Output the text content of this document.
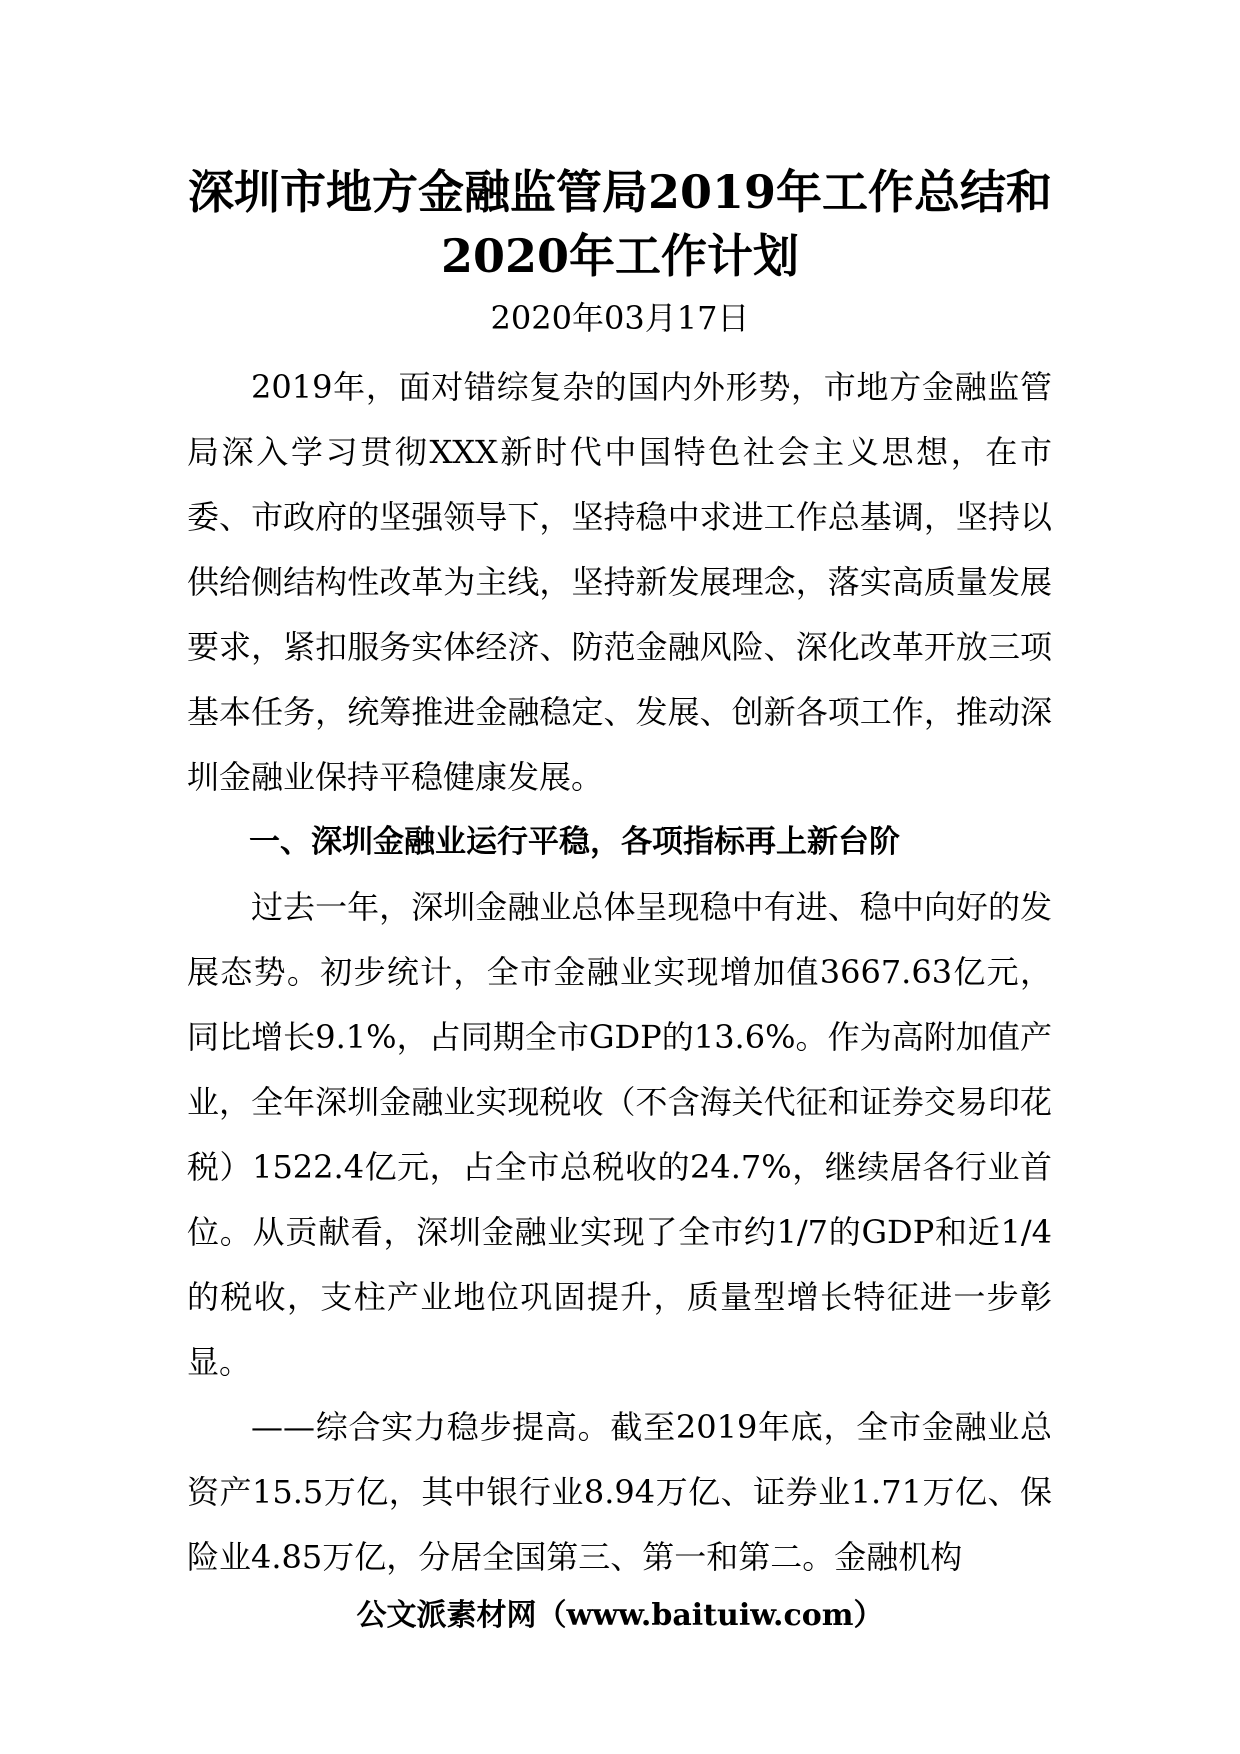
深圳市地方金融监管局2019年工作总结和
2020年工作计划
2020年03月17日

2019年，面对错综复杂的国内外形势，市地方金融监管局深入学习贯彻XXX新时代中国特色社会主义思想，在市委、市政府的坚强领导下，坚持稳中求进工作总基调，坚持以供给侧结构性改革为主线，坚持新发展理念，落实高质量发展要求，紧扣服务实体经济、防范金融风险、深化改革开放三项基本任务，统筹推进金融稳定、发展、创新各项工作，推动深圳金融业保持平稳健康发展。

一、深圳金融业运行平稳，各项指标再上新台阶

过去一年，深圳金融业总体呈现稳中有进、稳中向好的发展态势。初步统计，全市金融业实现增加值3667.63亿元，同比增长9.1%，占同期全市GDP的13.6%。作为高附加值产业，全年深圳金融业实现税收（不含海关代征和证券交易印花税）1522.4亿元，占全市总税收的24.7%，继续居各行业首位。从贡献看，深圳金融业实现了全市约1/7的GDP和近1/4的税收，支柱产业地位巩固提升，质量型增长特征进一步彰显。

——综合实力稳步提高。截至2019年底，全市金融业总资产15.5万亿，其中银行业8.94万亿、证券业1.71万亿、保险业4.85万亿，分居全国第三、第一和第二。金融机构

公文派素材网（www.baituiw.com）
